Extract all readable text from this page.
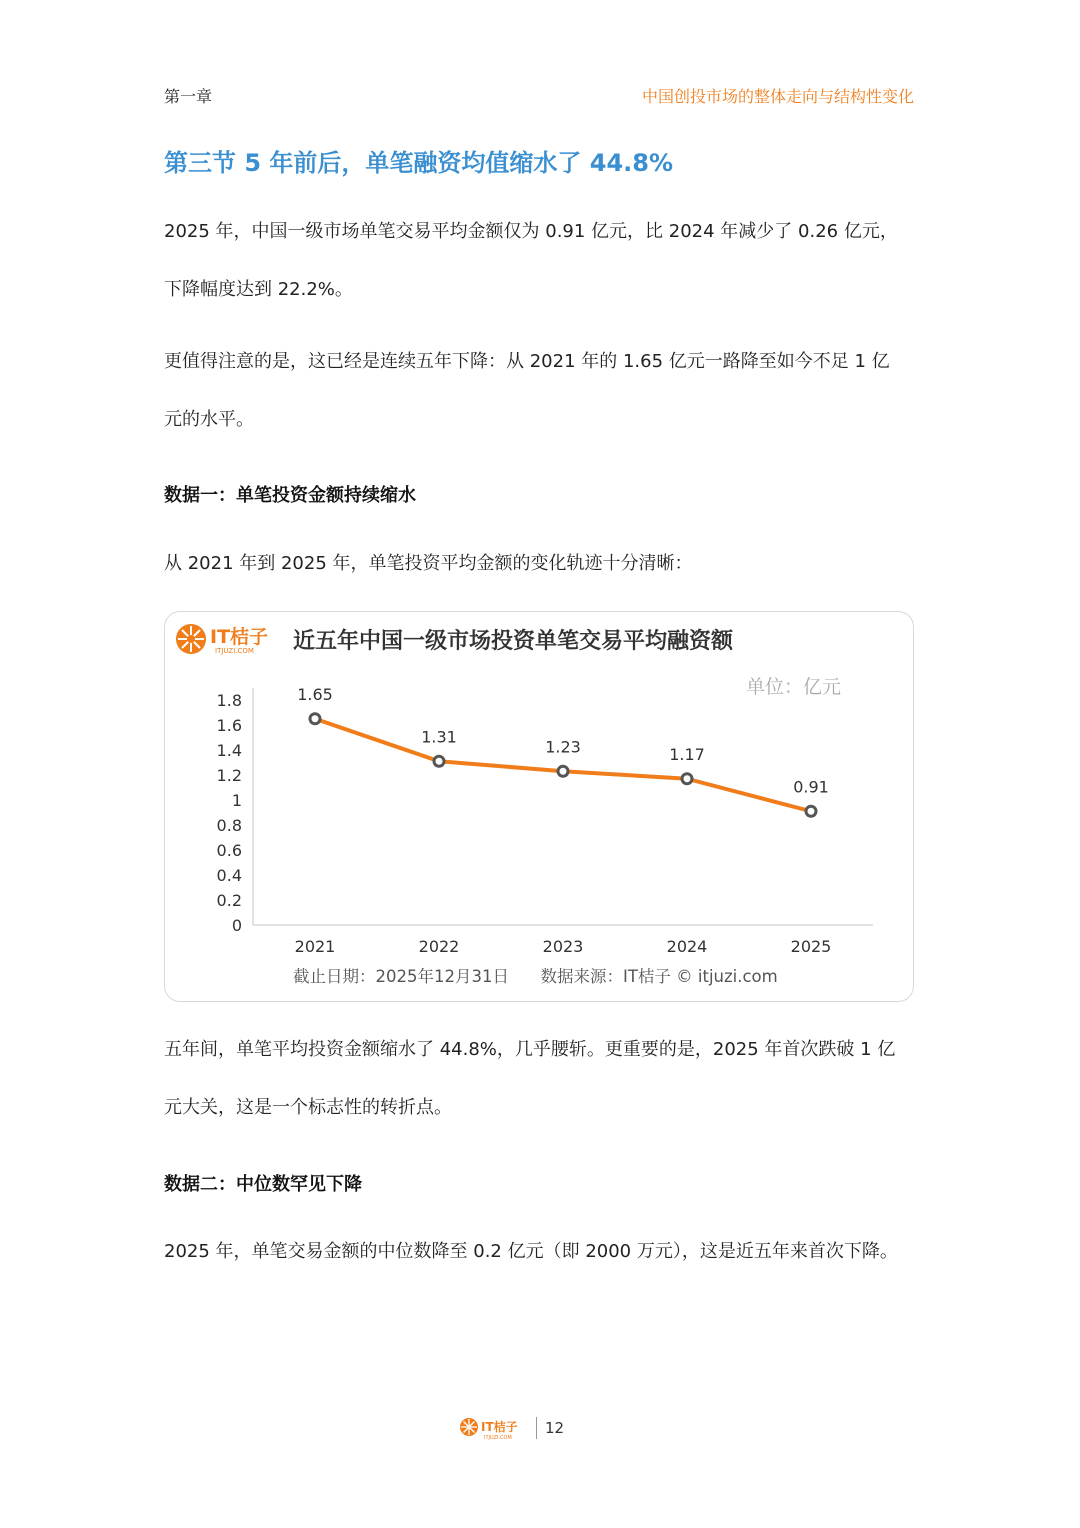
第一章	中国创投市场的整体走向与结构性变化
第三节 5 年前后，单笔融资均值缩水了 44.8%
2025 年，中国一级市场单笔交易平均金额仅为 0.91 亿元，比 2024 年减少了 0.26 亿元，
下降幅度达到 22.2%。
更值得注意的是，这已经是连续五年下降：从 2021 年的 1.65 亿元一路降至如今不足 1 亿
元的水平。
数据一：单笔投资金额持续缩水
从 2021 年到 2025 年，单笔投资平均金额的变化轨迹十分清晰：
IT桔子
ITJUZI.COM 近五年中国一级市场投资单笔交易平均融资额
单位：亿元
1.8
1.6
1.4
1.2
1
0.8
0.6
0.4
0.2
0
2021	2022	2023	2024	2025
1.65
1.31
1.23	1.17
0.91
截止日期：2025年12月31日      数据来源：IT桔子 © itjuzi.com
五年间，单笔平均投资金额缩水了 44.8%，几乎腰斩。更重要的是，2025 年首次跌破 1 亿
元大关，这是一个标志性的转折点。
数据二：中位数罕见下降
2025 年，单笔交易金额的中位数降至 0.2 亿元（即 2000 万元），这是近五年来首次下降。
IT桔子
ITJUZI.COM
12
